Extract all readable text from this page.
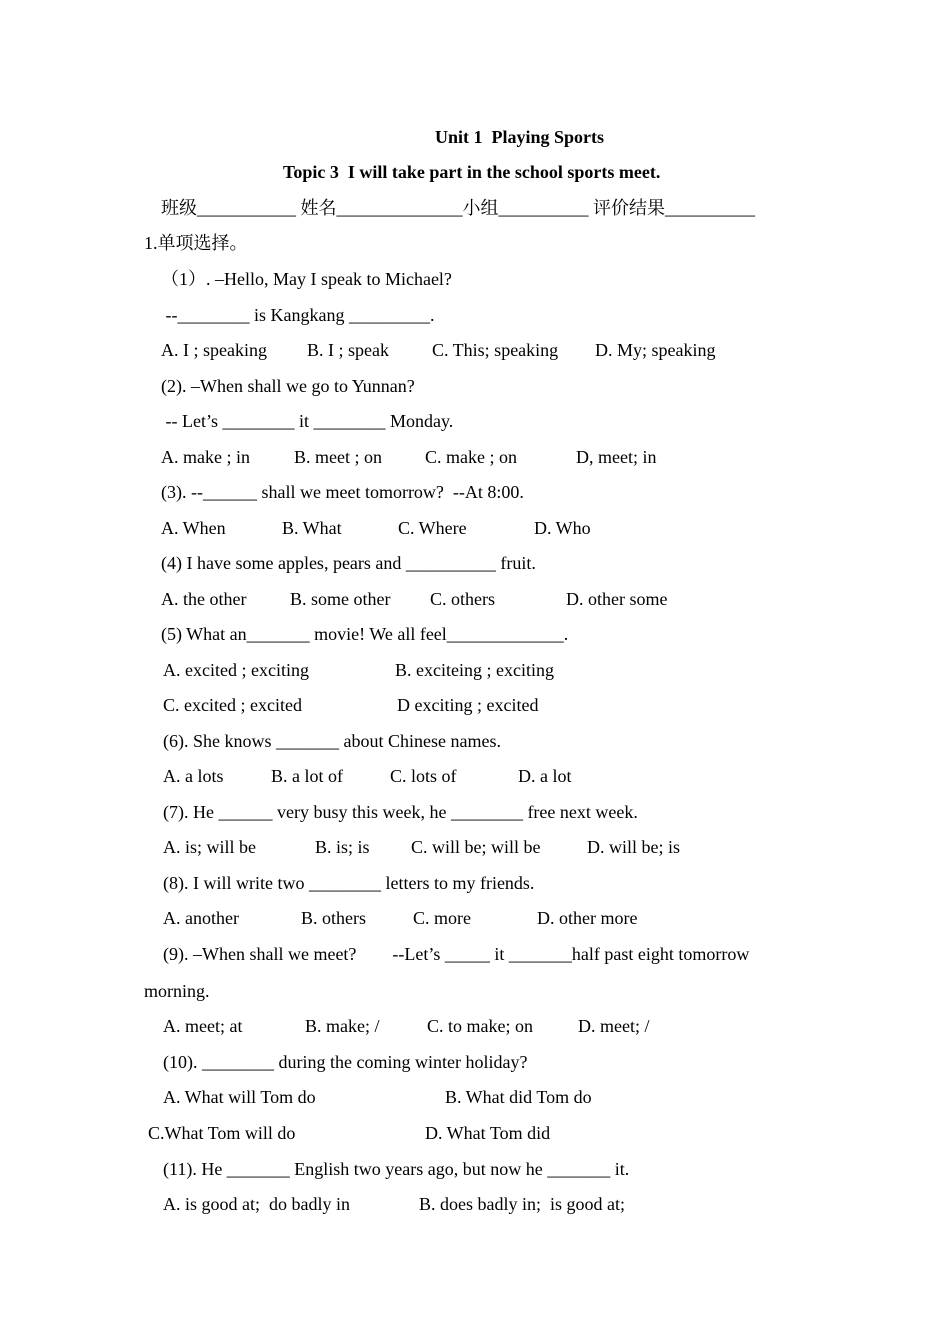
Unit 1  Playing Sports
Topic 3  I will take part in the school sports meet.
班级___________ 姓名______________小组__________ 评价结果__________
1.单项选择。
（1）. –Hello, May I speak to Michael?
--________ is Kangkang _________.
A. I ; speaking B. I ; speak C. This; speaking D. My; speaking
(2). –When shall we go to Yunnan?
-- Let’s ________ it ________ Monday.
A. make ; in B. meet ; on C. make ; on	D, meet; in
(3). --______ shall we meet tomorrow?  --At 8:00.
A. When	B. What	C. Where	D. Who
(4) I have some apples, pears and __________ fruit.
A. the other B. some other C. others	D. other some
(5) What an_______ movie! We all feel_____________.
A. excited ; exciting	B. exciteing ; exciting
C. excited ; excited	D exciting ; excited
(6). She knows _______ about Chinese names.
A. a lots	B. a lot of	C. lots of	D. a lot
(7). He ______ very busy this week, he ________ free next week.
A. is; will be	B. is; is C. will be; will be	D. will be; is
(8). I will write two ________ letters to my friends.
A. another	B. others	C. more	D. other more
(9). –When shall we meet?        --Let’s _____ it _______half past eight tomorrow
morning.
A. meet; at	B. make; /	C. to make; on	D. meet; /
(10). ________ during the coming winter holiday?
A. What will Tom do	B. What did Tom do
C.What Tom will do	D. What Tom did
(11). He _______ English two years ago, but now he _______ it.
A. is good at;  do badly in	B. does badly in;  is good at;
